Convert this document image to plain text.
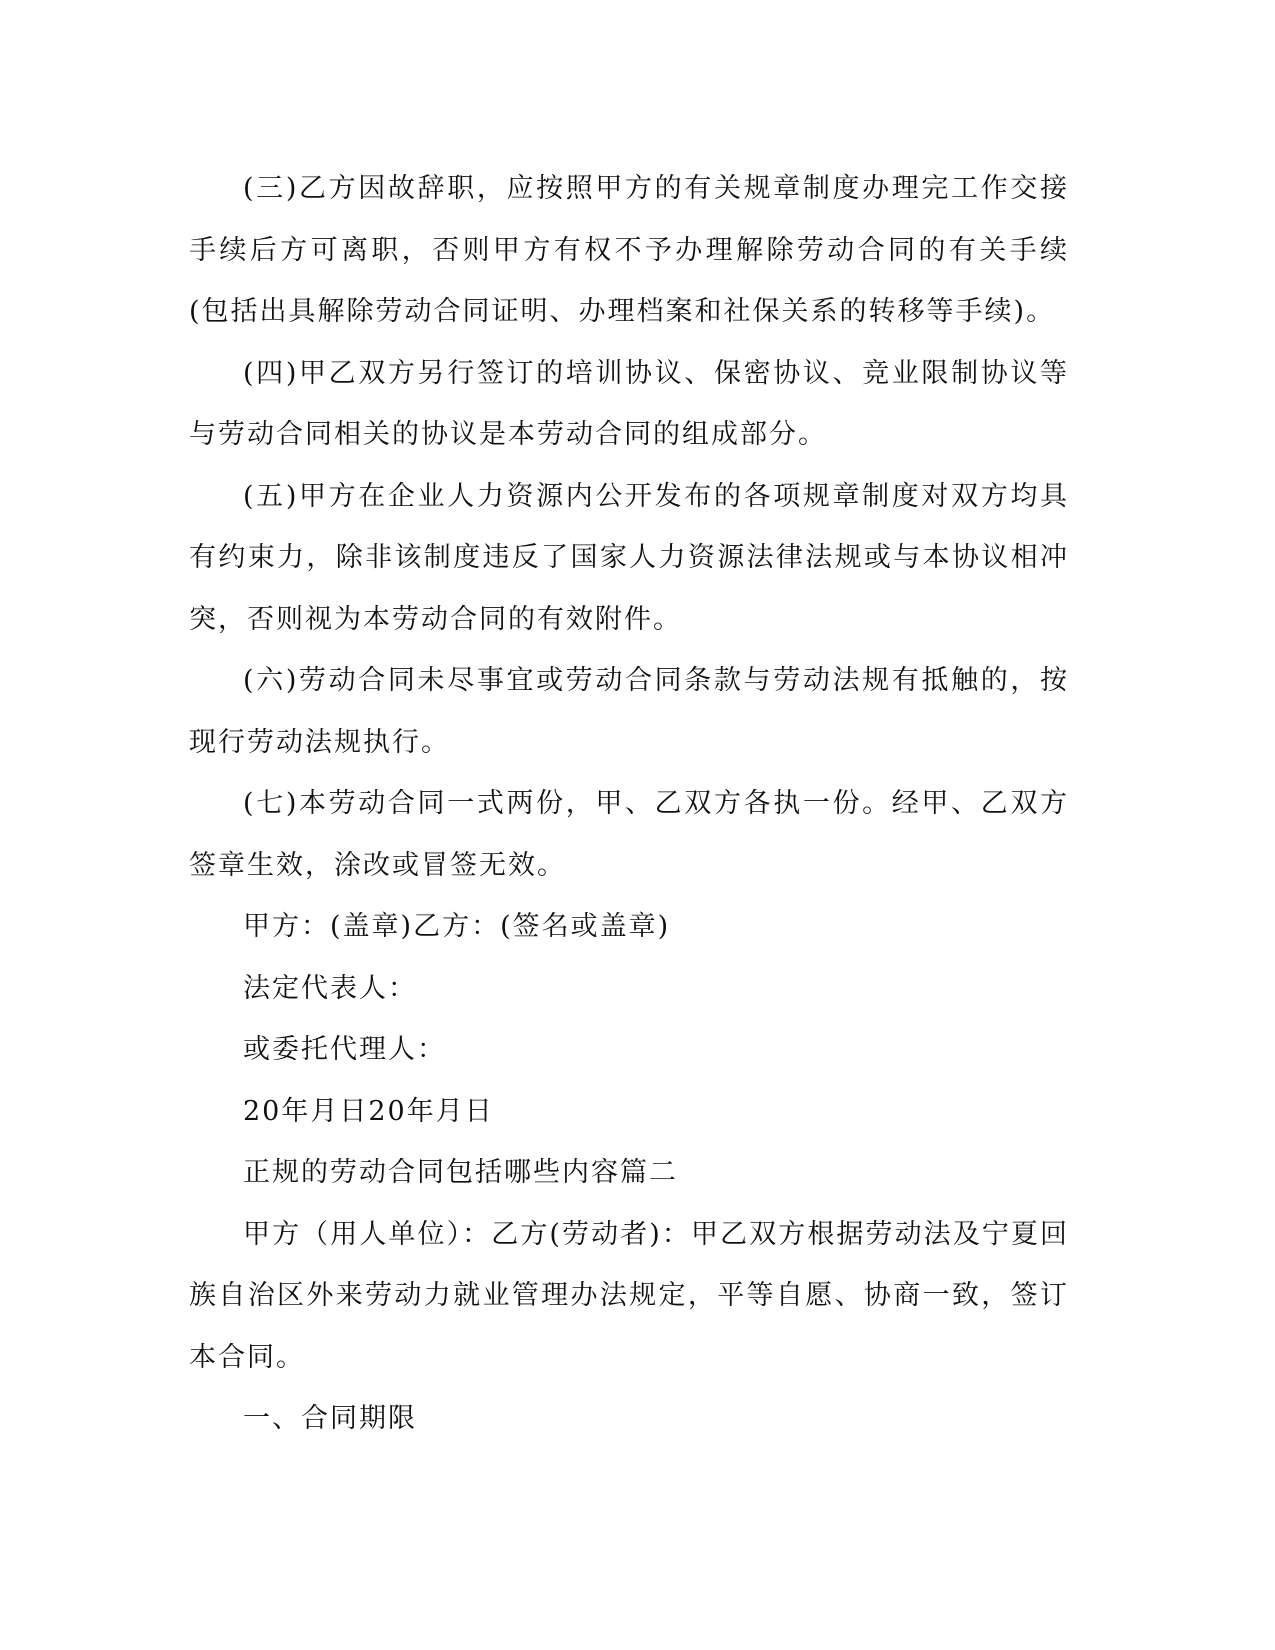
(三)乙方因故辞职，应按照甲方的有关规章制度办理完工作交接手续后方可离职，否则甲方有权不予办理解除劳动合同的有关手续(包括出具解除劳动合同证明、办理档案和社保关系的转移等手续)。

(四)甲乙双方另行签订的培训协议、保密协议、竞业限制协议等与劳动合同相关的协议是本劳动合同的组成部分。

(五)甲方在企业人力资源内公开发布的各项规章制度对双方均具有约束力，除非该制度违反了国家人力资源法律法规或与本协议相冲突，否则视为本劳动合同的有效附件。

(六)劳动合同未尽事宜或劳动合同条款与劳动法规有抵触的，按现行劳动法规执行。

(七)本劳动合同一式两份，甲、乙双方各执一份。经甲、乙双方签章生效，涂改或冒签无效。

甲方：(盖章)乙方：(签名或盖章)

法定代表人：

或委托代理人：

20年月日20年月日

正规的劳动合同包括哪些内容篇二

甲方（用人单位）：乙方(劳动者)：甲乙双方根据劳动法及宁夏回族自治区外来劳动力就业管理办法规定，平等自愿、协商一致，签订本合同。

一、合同期限
